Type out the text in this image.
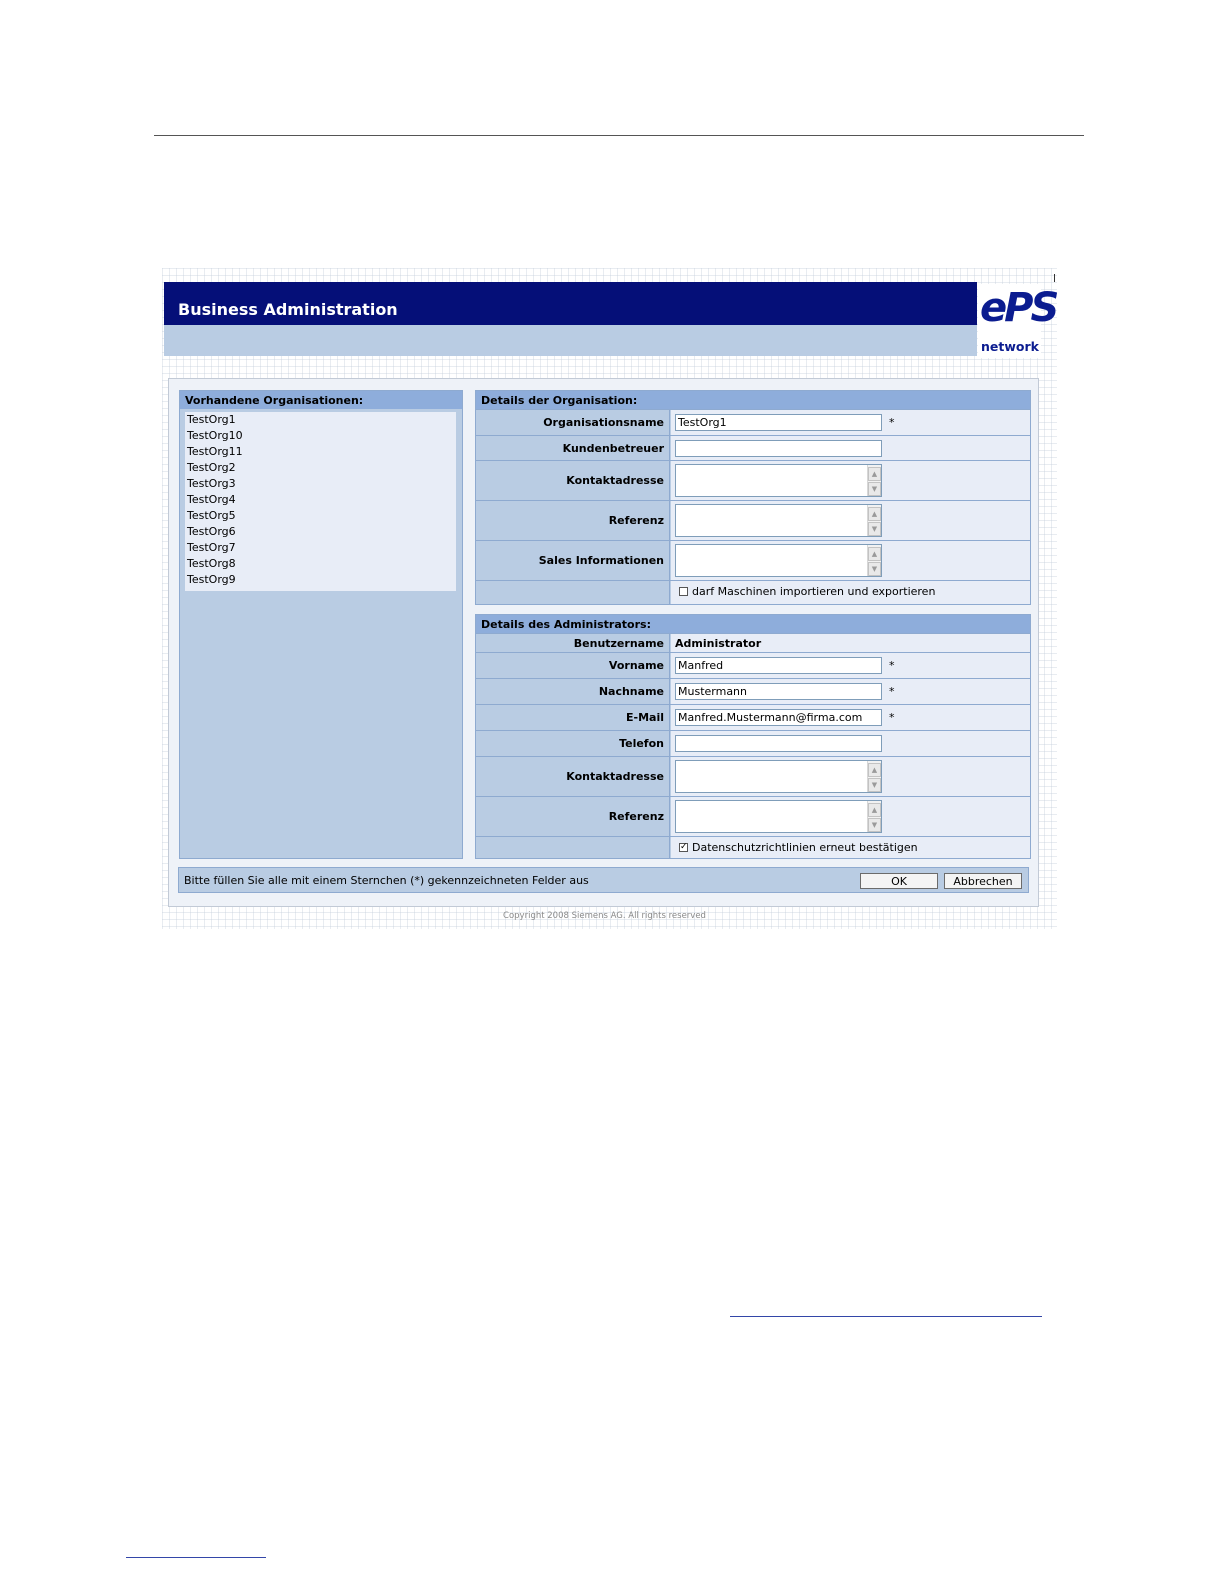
Business Administration	ePS
network
Vorhandene Organisationen:
TestOrg1
TestOrg10
TestOrg11
TestOrg2
TestOrg3
TestOrg4
TestOrg5
TestOrg6
TestOrg7
TestOrg8
TestOrg9
Details der Organisation:
Organisationsname TestOrg1	*
Kundenbetreuer
Kontaktadresse	▲
▼
Referenz	▲
▼
Sales Informationen	▲
▼
darf Maschinen importieren und exportieren
Details des Administrators:
Benutzername Administrator
Vorname Manfred	*
Nachname Mustermann	*
E-Mail Manfred.Mustermann@firma.com	*
Telefon
Kontaktadresse	▲
▼
Referenz	▲
▼
✓ Datenschutzrichtlinien erneut bestätigen
Bitte füllen Sie alle mit einem Sternchen (*) gekennzeichneten Felder aus	OK	Abbrechen
Copyright 2008 Siemens AG. All rights reserved
